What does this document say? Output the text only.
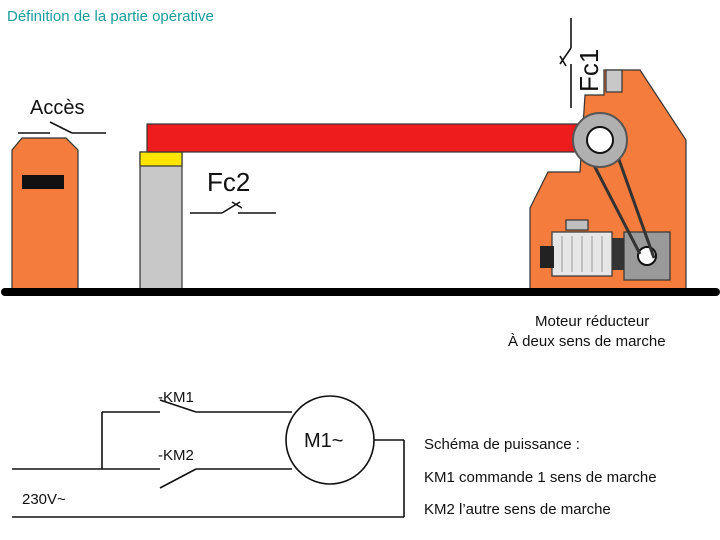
Définition de la partie opérative
Accès
Fc2
Fc1
Moteur réducteur
À deux sens de marche
-KM1
-KM2
M1~
230V~
Schéma de puissance :
KM1 commande 1 sens de marche
KM2 l’autre sens de marche
